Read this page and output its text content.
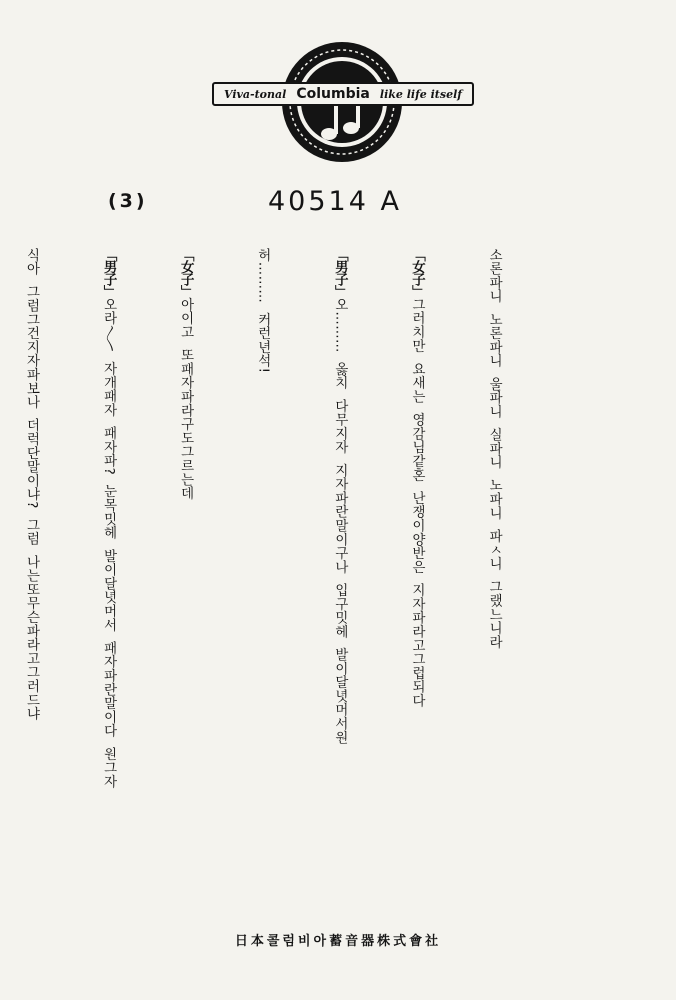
Viva-tonal Columbia like life itself
(3)	40514 A

소론파니  노론파니  울파니  실파니  노파니  파ㅅ니  그랬느니라

「女子」그러치만  요새는  영감님같혼  난쟁이양반은  지자파라고그럽되다

「男子」오………  옳치  다무지자  지자파란말이구나  입구밋헤  발이달녓머서원

허………  커런년석!

「女子」아이고  또패자파라구도그르는데

「男子」오라〳〵  자개패자  패자파?  눈목밋헤  발이달녓머서  패자파란말이다  원그자

식아  그럼그건지자파보나  더럭단말이냐?  그럼  나는또무슨파라고그러드냐

日本콜럼비아蓄音器株式會社
